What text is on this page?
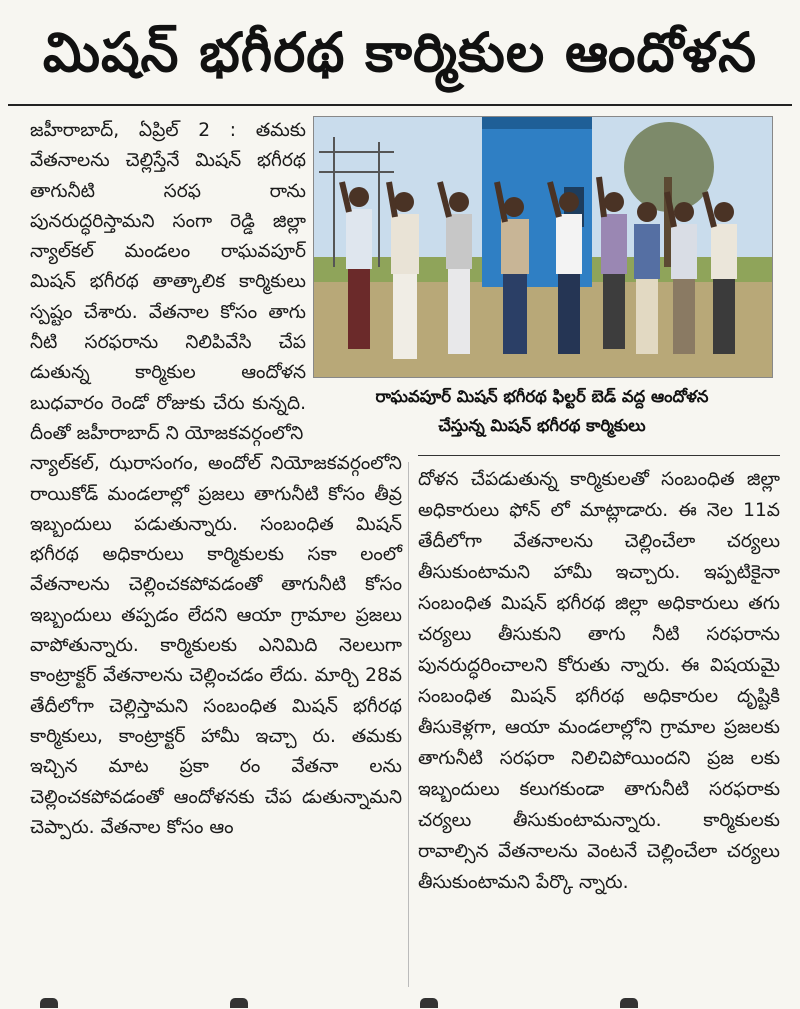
మిషన్ భగీరథ కార్మికుల ఆందోళన
రాఘవపూర్ మిషన్ భగీరథ ఫిల్టర్ బెడ్ వద్ద ఆందోళన
చేస్తున్న మిషన్ భగీరథ కార్మికులు

జహీరాబాద్, ఏప్రిల్ 2 : తమకు వేతనాలను చెల్లిస్తేనే మిషన్ భగీరథ తాగునీటి సరఫ రాను పునరుద్ధరిస్తామని సంగా రెడ్డి జిల్లా న్యాల్‌కల్ మండలం రాఘవపూర్ మిషన్ భగీరథ తాత్కాలిక కార్మికులు స్పష్టం చేశారు. వేతనాల కోసం తాగు నీటి సరఫరాను నిలిపివేసి చేప డుతున్న కార్మికుల ఆందోళన బుధవారం రెండో రోజుకు చేరు కున్నది. దీంతో జహీరాబాద్ ని యోజకవర్గంలోని

న్యాల్‌కల్, ఝరాసంగం, అందోల్ నియోజకవర్గంలోని రాయికోడ్ మండలాల్లో ప్రజలు తాగునీటి కోసం తీవ్ర ఇబ్బందులు పడుతున్నారు. సంబంధిత మిషన్ భగీరథ అధికారులు కార్మికులకు సకా లంలో వేతనాలను చెల్లించకపోవడంతో తాగునీటి కోసం ఇబ్బందులు తప్పడం లేదని ఆయా గ్రామాల ప్రజలు వాపోతున్నారు. కార్మికులకు ఎనిమిది నెలలుగా కాంట్రాక్టర్ వేతనాలను చెల్లించడం లేదు. మార్చి 28వ తేదీలోగా చెల్లిస్తామని సంబంధిత మిషన్ భగీరథ కార్మికులు, కాంట్రాక్టర్ హామీ ఇచ్చా రు. తమకు ఇచ్చిన మాట ప్రకా రం వేతనా లను చెల్లించకపోవడంతో ఆందోళనకు చేప డుతున్నామని చెప్పారు. వేతనాల కోసం ఆం

దోళన చేపడుతున్న కార్మికులతో సంబంధిత జిల్లా అధికారులు ఫోన్ లో మాట్లాడారు. ఈ నెల 11వ తేదీలోగా వేతనాలను చెల్లించేలా చర్యలు తీసుకుంటామని హామీ ఇచ్చారు. ఇప్పటికైనా సంబంధిత మిషన్ భగీరథ జిల్లా అధికారులు తగు చర్యలు తీసుకుని తాగు నీటి సరఫరాను పునరుద్ధరించాలని కోరుతు న్నారు. ఈ విషయమై సంబంధిత మిషన్ భగీరథ అధికారుల దృష్టికి తీసుకెళ్లగా, ఆయా మండలాల్లోని గ్రామాల ప్రజలకు తాగునీటి సరఫరా నిలిచిపోయిందని ప్రజ లకు ఇబ్బందులు కలుగకుండా తాగునీటి సరఫరాకు చర్యలు తీసుకుంటామన్నారు. కార్మికులకు రావాల్సిన వేతనాలను వెంటనే చెల్లించేలా చర్యలు తీసుకుంటామని పేర్కొ న్నారు.
